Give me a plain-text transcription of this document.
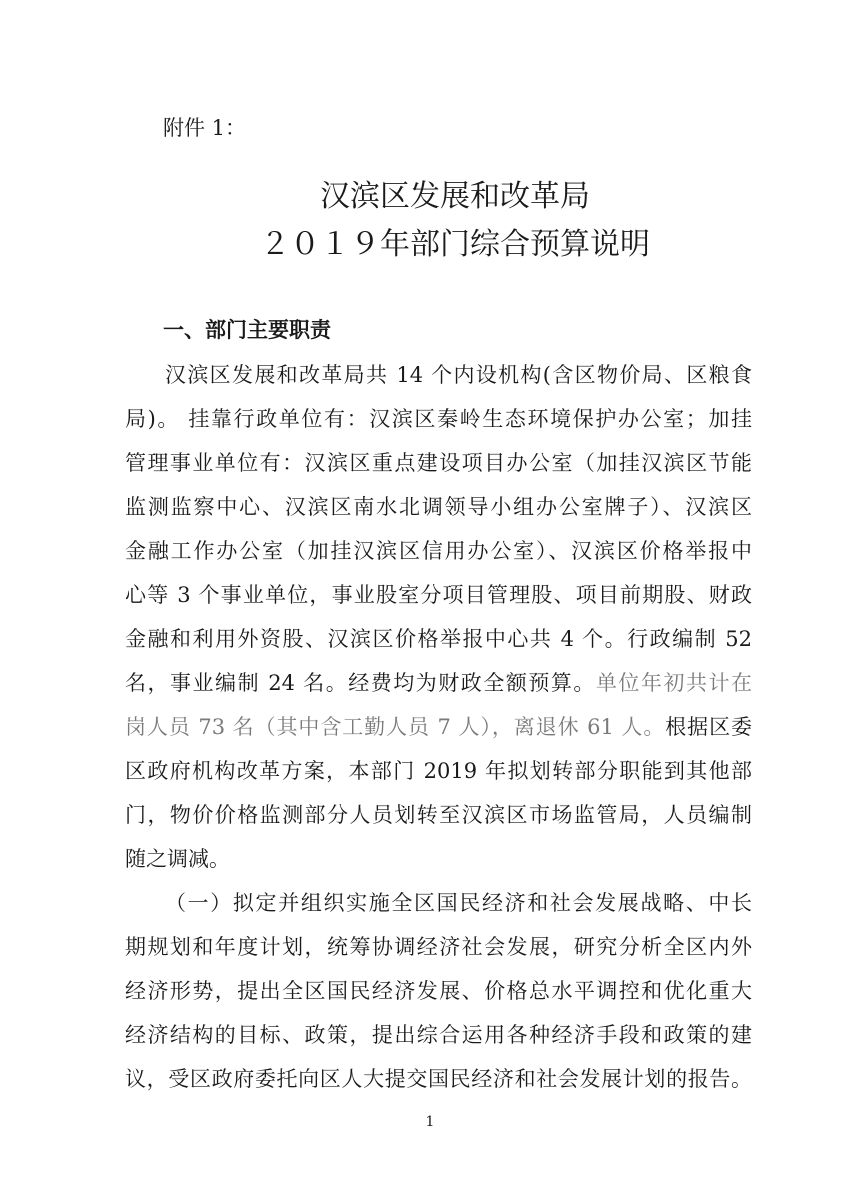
附件 1：
汉滨区发展和改革局
２０１９年部门综合预算说明
一、部门主要职责
汉滨区发展和改革局共 14 个内设机构(含区物价局、区粮食
局)。 挂靠行政单位有：汉滨区秦岭生态环境保护办公室；加挂
管理事业单位有：汉滨区重点建设项目办公室（加挂汉滨区节能
监测监察中心、汉滨区南水北调领导小组办公室牌子）、汉滨区
金融工作办公室（加挂汉滨区信用办公室）、汉滨区价格举报中
心等 3 个事业单位，事业股室分项目管理股、项目前期股、财政
金融和利用外资股、汉滨区价格举报中心共 4 个。行政编制 52
名，事业编制 24 名。经费均为财政全额预算。单位年初共计在
岗人员 73 名（其中含工勤人员 7 人），离退休 61 人。根据区委
区政府机构改革方案，本部门 2019 年拟划转部分职能到其他部
门，物价价格监测部分人员划转至汉滨区市场监管局，人员编制
随之调减。
（一）拟定并组织实施全区国民经济和社会发展战略、中长
期规划和年度计划，统筹协调经济社会发展，研究分析全区内外
经济形势，提出全区国民经济发展、价格总水平调控和优化重大
经济结构的目标、政策，提出综合运用各种经济手段和政策的建
议，受区政府委托向区人大提交国民经济和社会发展计划的报告。
1
